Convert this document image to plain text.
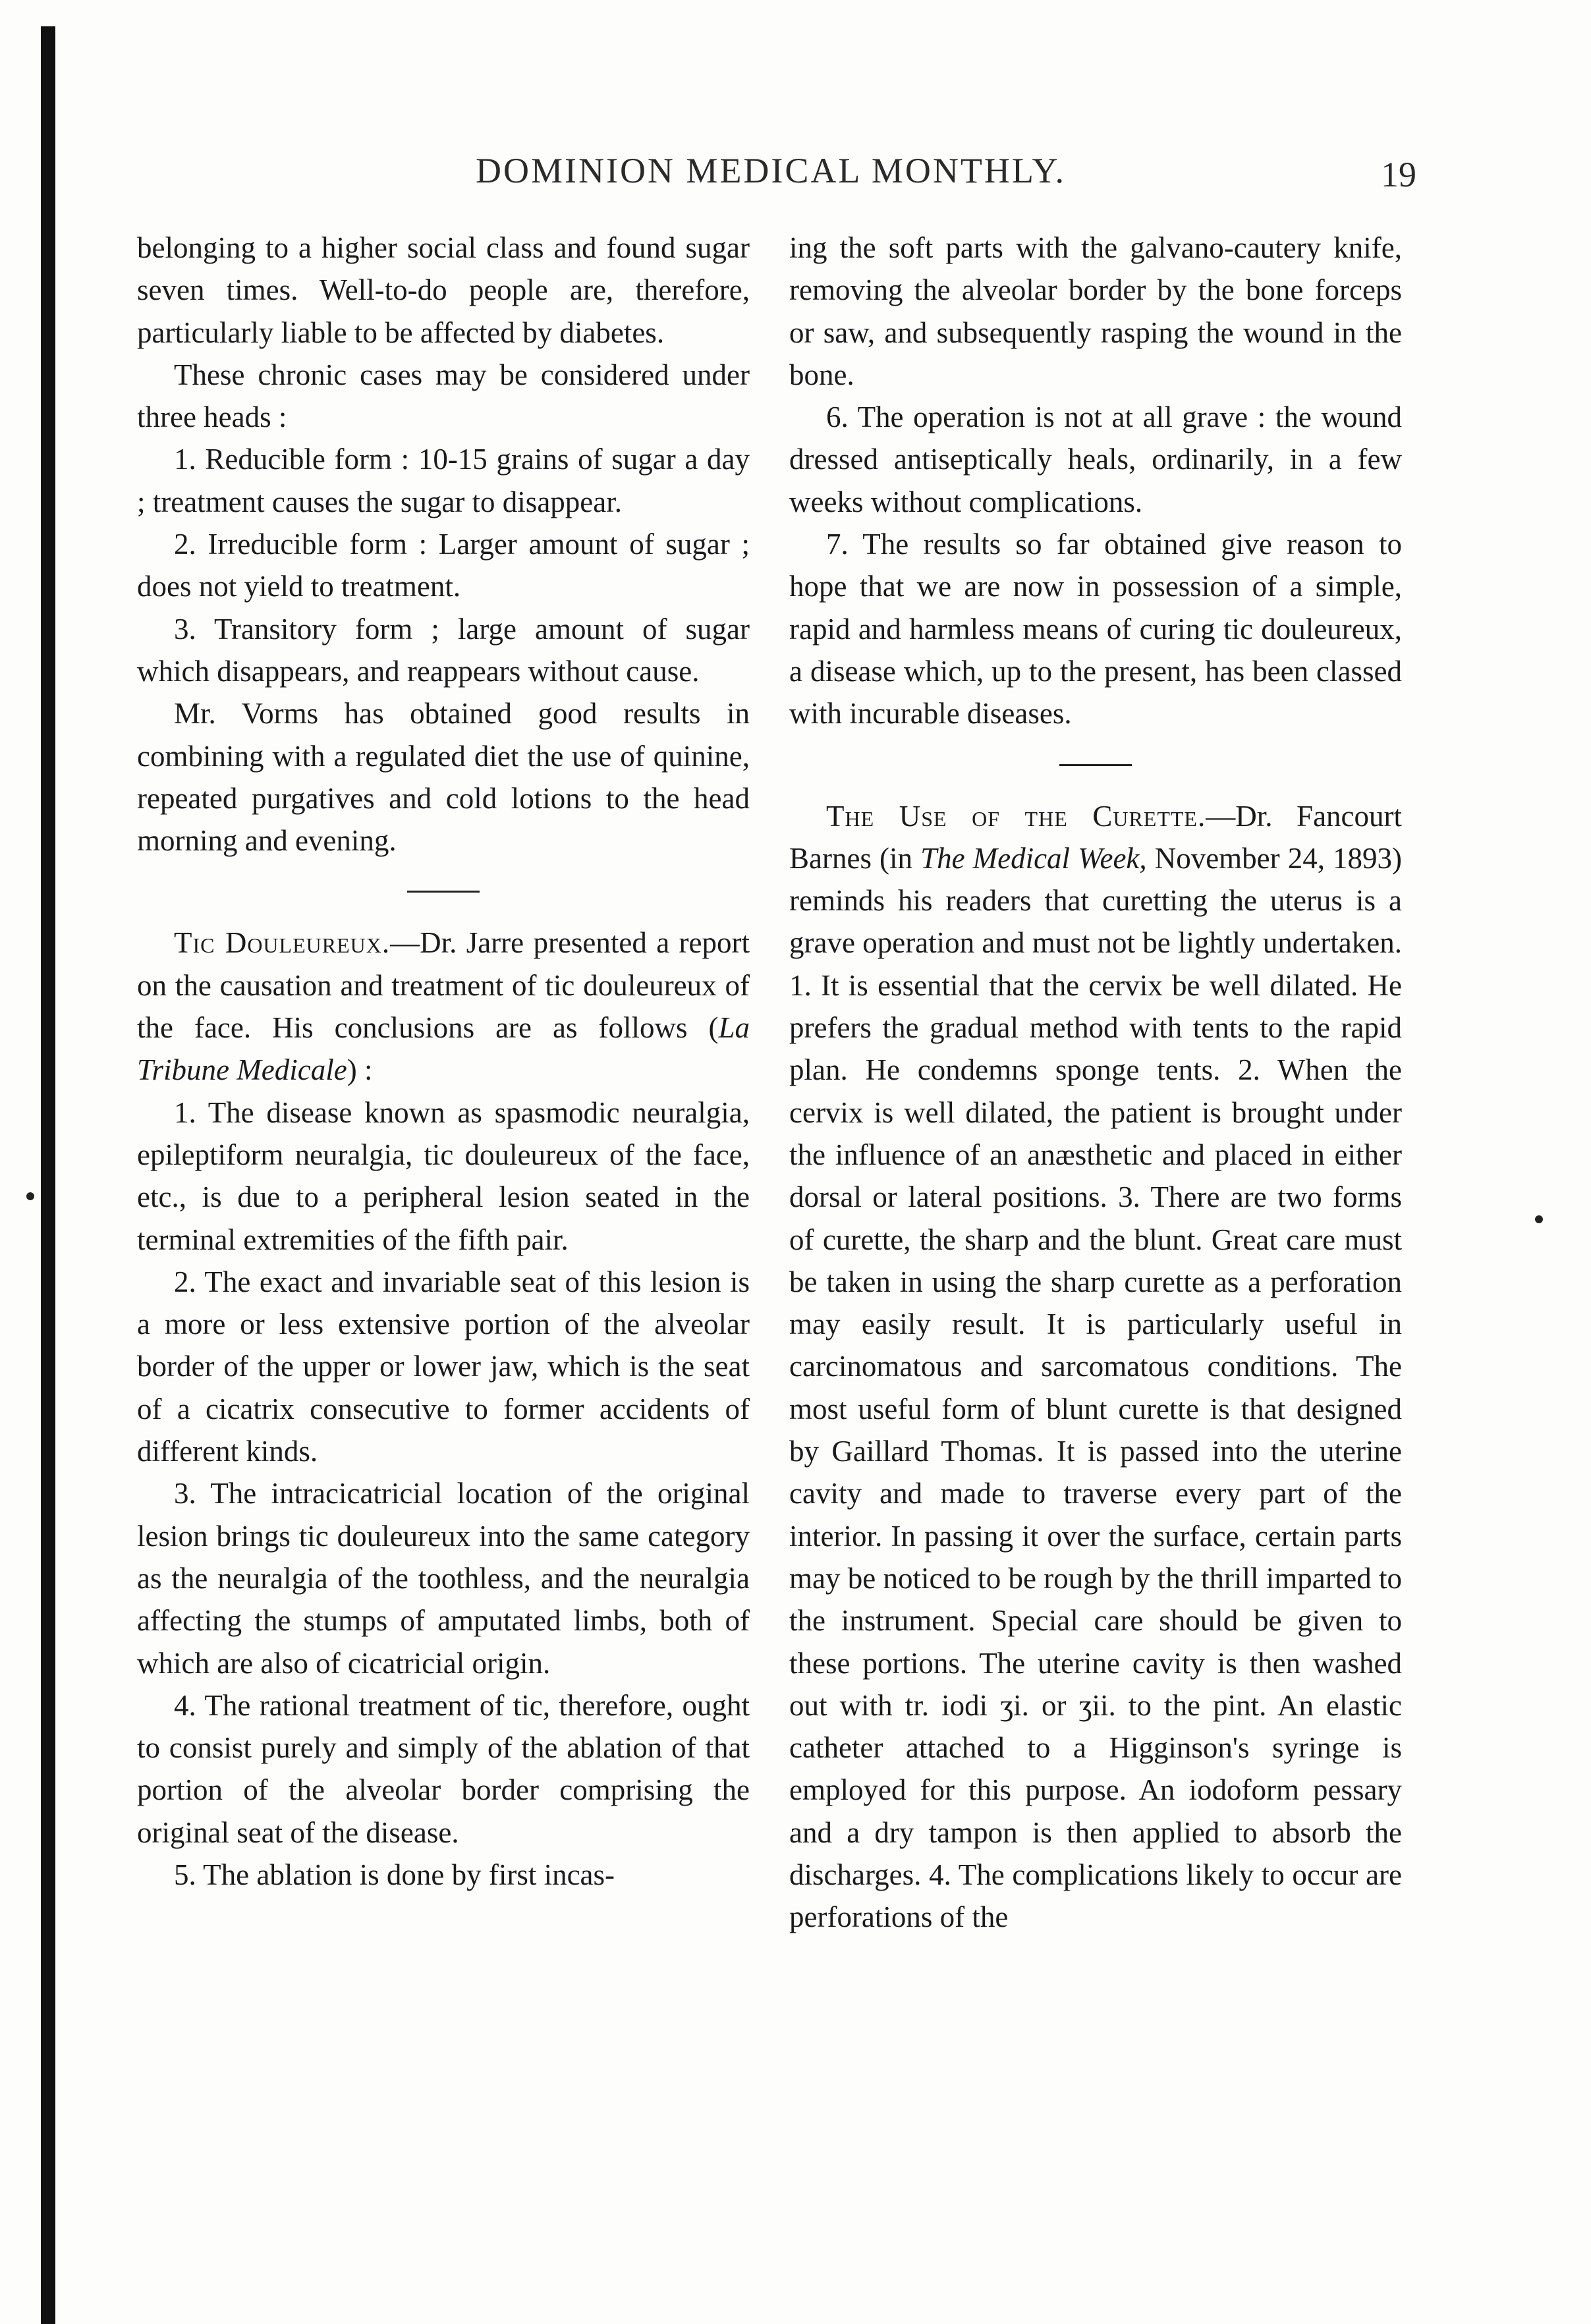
DOMINION MEDICAL MONTHLY.	19

belonging to a higher social class and found sugar seven times. Well-to-do people are, therefore, particularly liable to be affected by diabetes.

These chronic cases may be considered under three heads :

1. Reducible form : 10-15 grains of sugar a day ; treatment causes the sugar to disappear.

2. Irreducible form : Larger amount of sugar ; does not yield to treatment.

3. Transitory form ; large amount of sugar which disappears, and reappears without cause.

Mr. Vorms has obtained good results in combining with a regulated diet the use of quinine, repeated purgatives and cold lotions to the head morning and evening.

Tic Douleureux.—Dr. Jarre presented a report on the causation and treatment of tic douleureux of the face. His conclusions are as follows (La Tribune Medicale) :

1. The disease known as spasmodic neuralgia, epileptiform neuralgia, tic douleureux of the face, etc., is due to a peripheral lesion seated in the terminal extremities of the fifth pair.

2. The exact and invariable seat of this lesion is a more or less extensive portion of the alveolar border of the upper or lower jaw, which is the seat of a cicatrix consecutive to former accidents of different kinds.

3. The intracicatricial location of the original lesion brings tic douleureux into the same category as the neuralgia of the toothless, and the neuralgia affecting the stumps of amputated limbs, both of which are also of cicatricial origin.

4. The rational treatment of tic, therefore, ought to consist purely and simply of the ablation of that portion of the alveolar border comprising the original seat of the disease.

5. The ablation is done by first incas-

ing the soft parts with the galvano-cautery knife, removing the alveolar border by the bone forceps or saw, and subsequently rasping the wound in the bone.

6. The operation is not at all grave : the wound dressed antiseptically heals, ordinarily, in a few weeks without complications.

7. The results so far obtained give reason to hope that we are now in possession of a simple, rapid and harmless means of curing tic douleureux, a disease which, up to the present, has been classed with incurable diseases.

The Use of the Curette.—Dr. Fancourt Barnes (in The Medical Week, November 24, 1893) reminds his readers that curetting the uterus is a grave operation and must not be lightly undertaken. 1. It is essential that the cervix be well dilated. He prefers the gradual method with tents to the rapid plan. He condemns sponge tents. 2. When the cervix is well dilated, the patient is brought under the influence of an anæsthetic and placed in either dorsal or lateral positions. 3. There are two forms of curette, the sharp and the blunt. Great care must be taken in using the sharp curette as a perforation may easily result. It is particularly useful in carcinomatous and sarcomatous conditions. The most useful form of blunt curette is that designed by Gaillard Thomas. It is passed into the uterine cavity and made to traverse every part of the interior. In passing it over the surface, certain parts may be noticed to be rough by the thrill imparted to the instrument. Special care should be given to these portions. The uterine cavity is then washed out with tr. iodi ʒi. or ʒii. to the pint. An elastic catheter attached to a Higginson's syringe is employed for this purpose. An iodoform pessary and a dry tampon is then applied to absorb the discharges. 4. The complications likely to occur are perforations of the
